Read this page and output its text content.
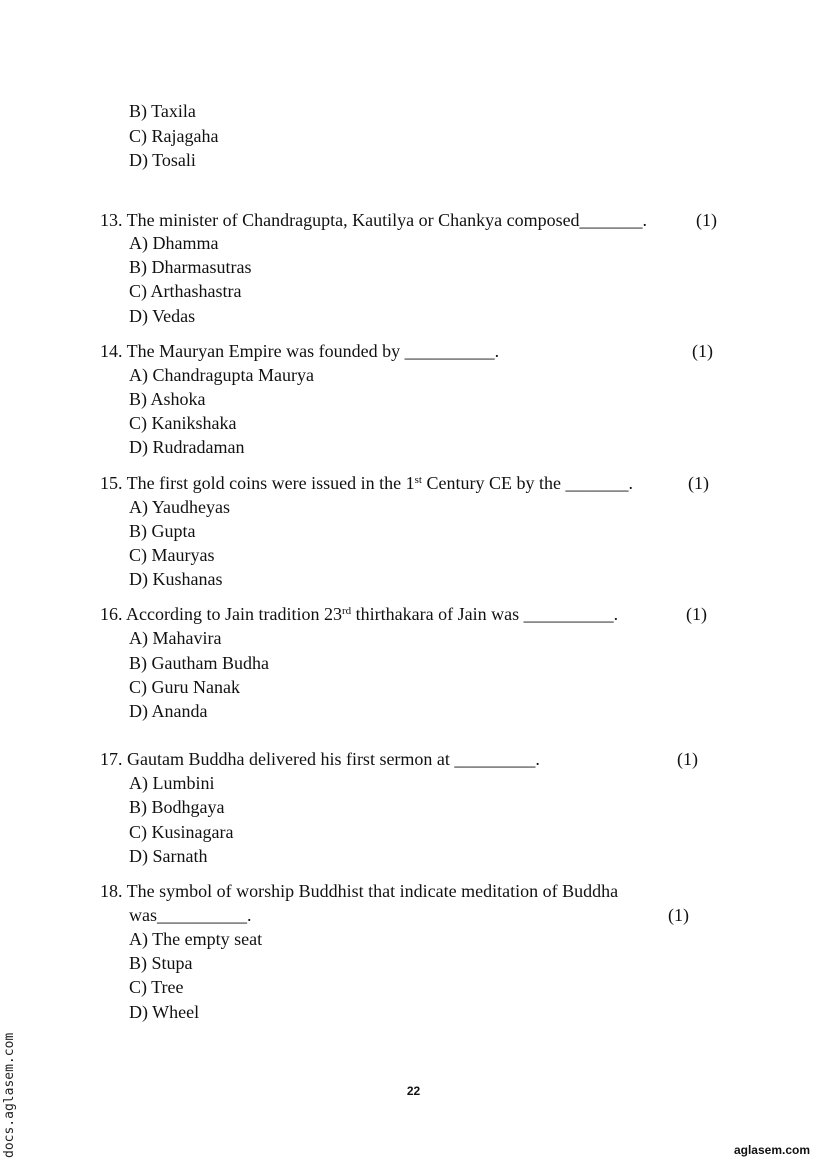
B) Taxila
C) Rajagaha
D) Tosali
13. The minister of Chandragupta, Kautilya or Chankya composed_______.	(1)
A) Dhamma
B) Dharmasutras
C) Arthashastra
D) Vedas
14. The Mauryan Empire was founded by __________.	(1)
A) Chandragupta Maurya
B) Ashoka
C) Kanikshaka
D) Rudradaman
15. The first gold coins were issued in the 1st Century CE by the _______.	(1)
A) Yaudheyas
B) Gupta
C) Mauryas
D) Kushanas
16. According to Jain tradition 23rd thirthakara of Jain was __________.	(1)
A) Mahavira
B) Gautham Budha
C) Guru Nanak
D) Ananda
17. Gautam Buddha delivered his first sermon at _________.	(1)
A) Lumbini
B) Bodhgaya
C) Kusinagara
D) Sarnath
18. The symbol of worship Buddhist that indicate meditation of Buddha
was__________.	(1)
A) The empty seat
B) Stupa
C) Tree
D) Wheel
22
aglasem.com
docs.aglasem.com
